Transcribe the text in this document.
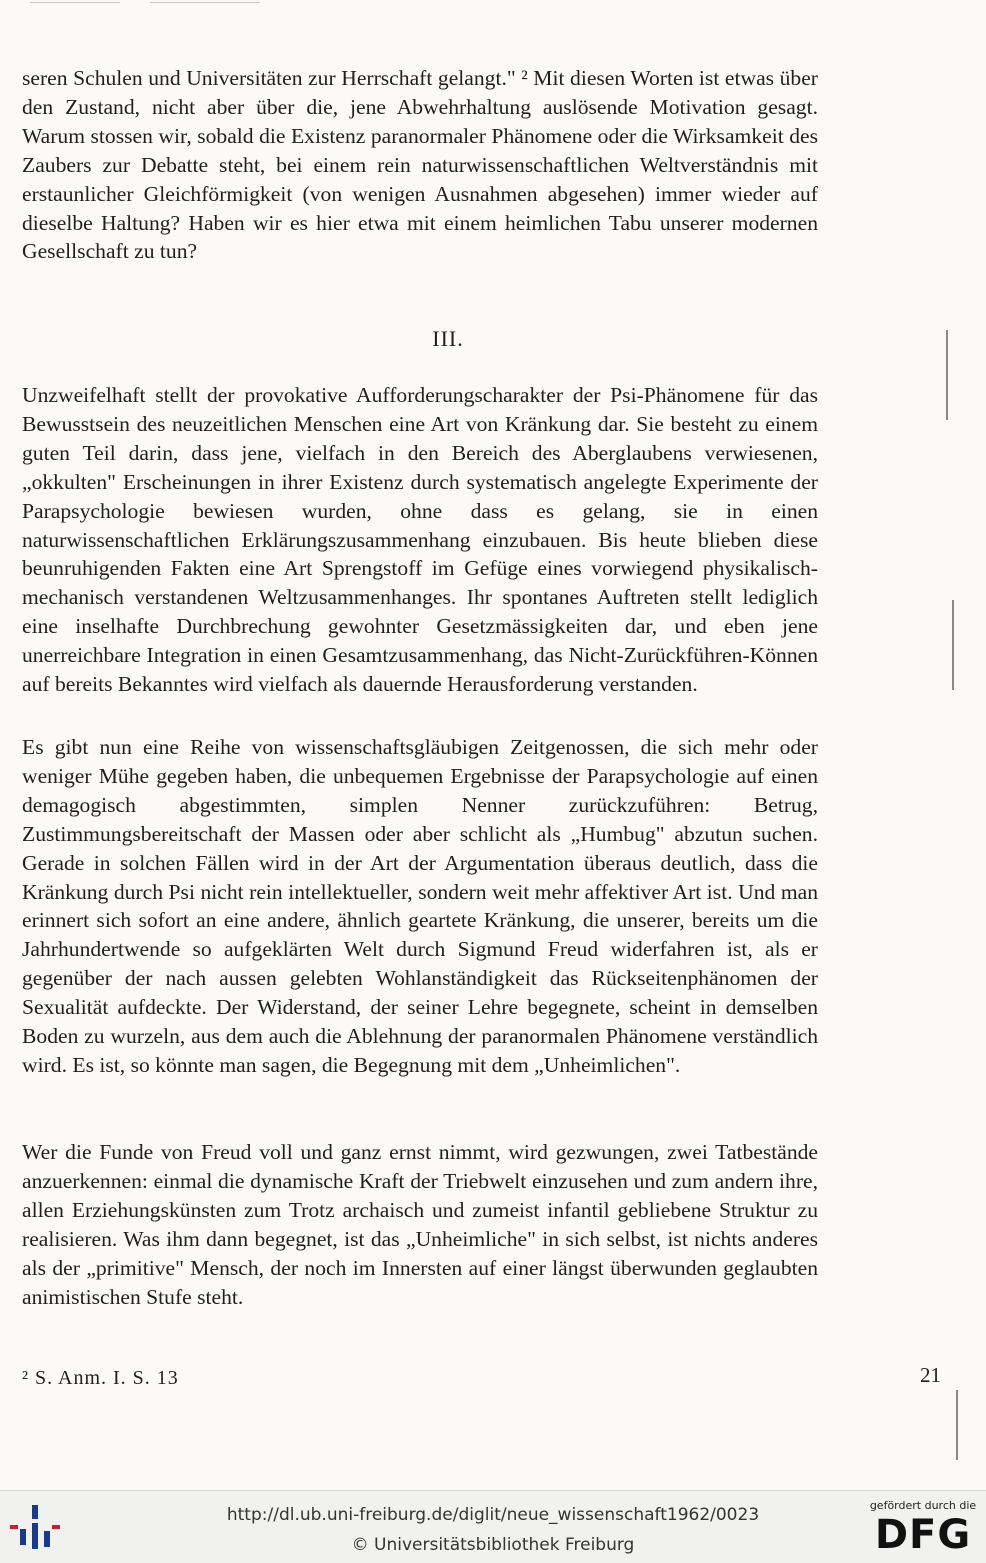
seren Schulen und Universitäten zur Herrschaft gelangt." ² Mit diesen Worten ist etwas über den Zustand, nicht aber über die, jene Abwehrhaltung auslösende Motivation gesagt. Warum stossen wir, sobald die Existenz paranormaler Phänomene oder die Wirksamkeit des Zaubers zur Debatte steht, bei einem rein naturwissenschaftlichen Weltverständnis mit erstaunlicher Gleichförmigkeit (von wenigen Ausnahmen abgesehen) immer wieder auf dieselbe Haltung? Haben wir es hier etwa mit einem heimlichen Tabu unserer modernen Gesellschaft zu tun?

III.

Unzweifelhaft stellt der provokative Aufforderungscharakter der Psi-Phänomene für das Bewusstsein des neuzeitlichen Menschen eine Art von Kränkung dar. Sie besteht zu einem guten Teil darin, dass jene, vielfach in den Bereich des Aberglaubens verwiesenen, „okkulten" Erscheinungen in ihrer Existenz durch systematisch angelegte Experimente der Parapsychologie bewiesen wurden, ohne dass es gelang, sie in einen naturwissenschaftlichen Erklärungszusammenhang einzubauen. Bis heute blieben diese beunruhigenden Fakten eine Art Sprengstoff im Gefüge eines vorwiegend physikalisch-mechanisch verstandenen Weltzusammenhanges. Ihr spontanes Auftreten stellt lediglich eine inselhafte Durchbrechung gewohnter Gesetzmässigkeiten dar, und eben jene unerreichbare Integration in einen Gesamtzusammenhang, das Nicht-Zurückführen-Können auf bereits Bekanntes wird vielfach als dauernde Herausforderung verstanden.

Es gibt nun eine Reihe von wissenschaftsgläubigen Zeitgenossen, die sich mehr oder weniger Mühe gegeben haben, die unbequemen Ergebnisse der Parapsychologie auf einen demagogisch abgestimmten, simplen Nenner zurückzuführen: Betrug, Zustimmungsbereitschaft der Massen oder aber schlicht als „Humbug" abzutun suchen. Gerade in solchen Fällen wird in der Art der Argumentation überaus deutlich, dass die Kränkung durch Psi nicht rein intellektueller, sondern weit mehr affektiver Art ist. Und man erinnert sich sofort an eine andere, ähnlich geartete Kränkung, die unserer, bereits um die Jahrhundertwende so aufgeklärten Welt durch Sigmund Freud widerfahren ist, als er gegenüber der nach aussen gelebten Wohlanständigkeit das Rückseitenphänomen der Sexualität aufdeckte. Der Widerstand, der seiner Lehre begegnete, scheint in demselben Boden zu wurzeln, aus dem auch die Ablehnung der paranormalen Phänomene verständlich wird. Es ist, so könnte man sagen, die Begegnung mit dem „Unheimlichen".

Wer die Funde von Freud voll und ganz ernst nimmt, wird gezwungen, zwei Tatbestände anzuerkennen: einmal die dynamische Kraft der Triebwelt einzusehen und zum andern ihre, allen Erziehungskünsten zum Trotz archaisch und zumeist infantil gebliebene Struktur zu realisieren. Was ihm dann begegnet, ist das „Unheimliche" in sich selbst, ist nichts anderes als der „primitive" Mensch, der noch im Innersten auf einer längst überwunden geglaubten animistischen Stufe steht.

² S. Anm. I. S. 13	21
http://dl.ub.uni-freiburg.de/diglit/neue_wissenschaft1962/0023
© Universitätsbibliothek Freiburg
gefördert durch die
DFG
